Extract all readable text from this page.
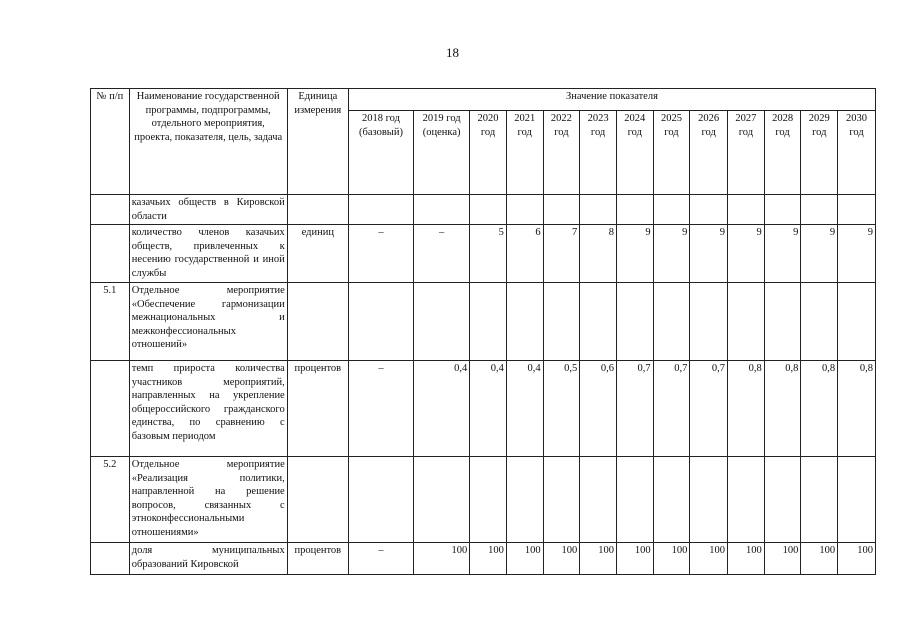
18
№ п/п	Наименование государственной программы, подпрограммы, отдельного мероприятия, проекта, показателя, цель, задача	Единица измерения	Значение показателя												
			2018 год (базовый)	2019 год (оценка)	2020 год	2021 год	2022 год	2023 год	2024 год	2025 год	2026 год	2027 год	2028 год	2029 год	2030 год
	казачьих обществ в Кировской области														
	количество членов казачьих обществ, привлеченных к несению государственной и иной службы	единиц	–	–	5	6	7	8	9	9	9	9	9	9	9
5.1	Отдельное мероприятие «Обеспечение гармонизации межнациональных и межконфессиональных отношений»														
	темп прироста количества участников мероприятий, направленных на укрепление общероссийского гражданского единства, по сравнению с базовым периодом	процентов	–	0,4	0,4	0,4	0,5	0,6	0,7	0,7	0,7	0,8	0,8	0,8	0,8
5.2	Отдельное мероприятие «Реализация политики, направленной на решение вопросов, связанных с этноконфессиональными отношениями»														
	доля муниципальных образований Кировской	процентов	–	100	100	100	100	100	100	100	100	100	100	100	100
